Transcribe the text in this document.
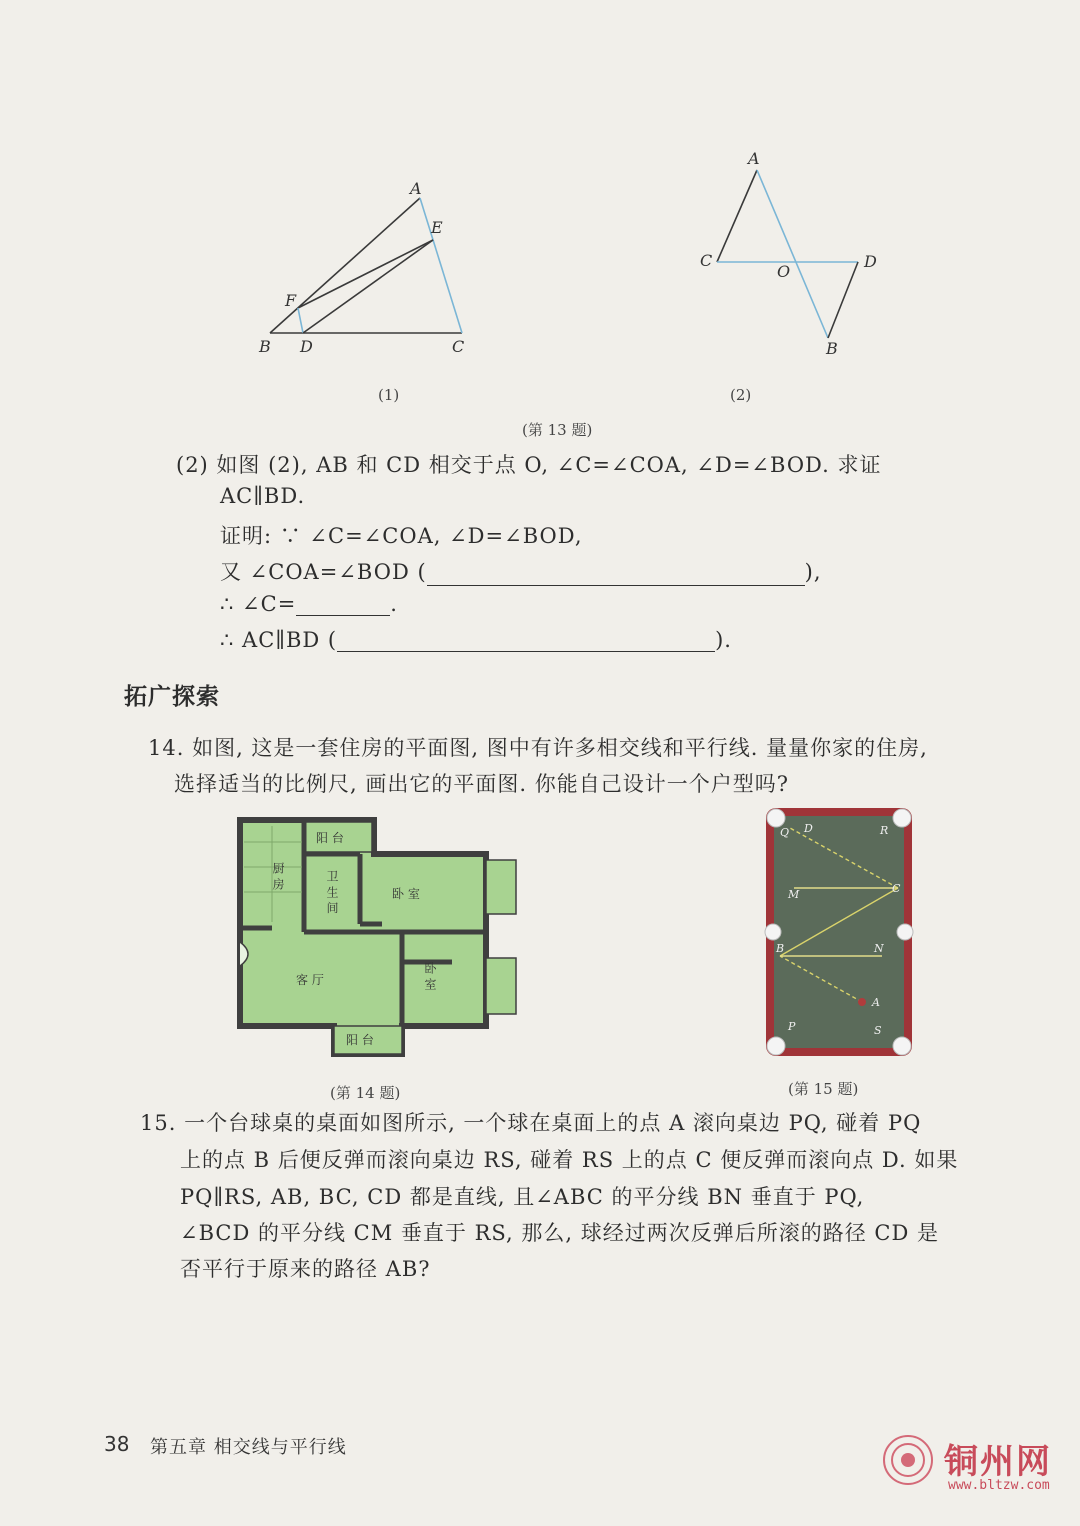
A
E
F
B D	C
A
C
O
D
B
(1)	(2)
(第 13 题)
(2) 如图 (2), AB 和 CD 相交于点 O, ∠C=∠COA, ∠D=∠BOD. 求证
AC∥BD.
证明: ∵ ∠C=∠COA, ∠D=∠BOD,
又 ∠COA=∠BOD (	),
∴ ∠C=	.
∴ AC∥BD (	).
拓广探索
14. 如图, 这是一套住房的平面图, 图中有许多相交线和平行线. 量量你家的住房,
选择适当的比例尺, 画出它的平面图. 你能自己设计一个户型吗?
阳 台
厨 房	卫 生 间	卧 室
客 厅	卧 室
阳 台
Q D	R
M	C
B	N
A
P	S
(第 14 题)	(第 15 题)
15. 一个台球桌的桌面如图所示, 一个球在桌面上的点 A 滚向桌边 PQ, 碰着 PQ
上的点 B 后便反弹而滚向桌边 RS, 碰着 RS 上的点 C 便反弹而滚向点 D. 如果
PQ∥RS, AB, BC, CD 都是直线, 且∠ABC 的平分线 BN 垂直于 PQ,
∠BCD 的平分线 CM 垂直于 RS, 那么, 球经过两次反弹后所滚的路径 CD 是
否平行于原来的路径 AB?
38 第五章 相交线与平行线	铜州网
www.bltzw.com
